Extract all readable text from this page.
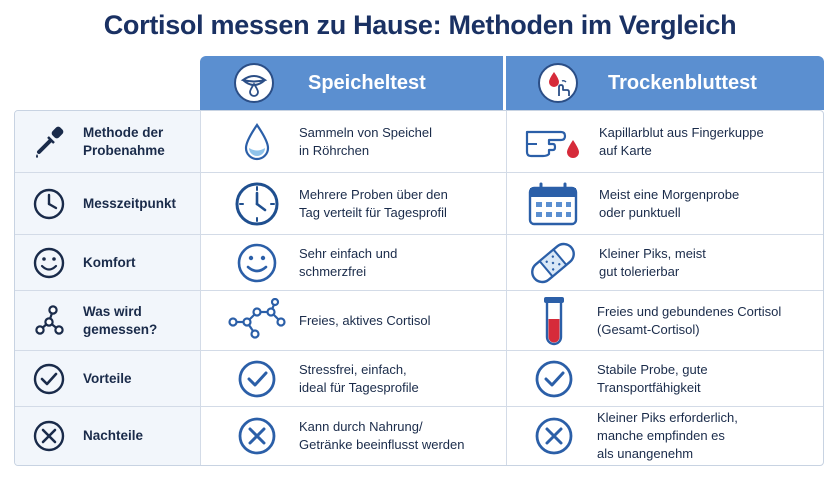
Cortisol messen zu Hause: Methoden im Vergleich
Speicheltest	Trockenbluttest
Methode der
Probenahme
Sammeln von Speichel
in Röhrchen
Kapillarblut aus Fingerkuppe
auf Karte
Messzeitpunkt
Mehrere Proben über den
Tag verteilt für Tagesprofil
Meist eine Morgenprobe
oder punktuell
Komfort
Sehr einfach und
schmerzfrei
Kleiner Piks, meist
gut tolerierbar
Was wird
gemessen?
Freies, aktives Cortisol
Freies und gebundenes Cortisol
(Gesamt-Cortisol)
Vorteile
Stressfrei, einfach,
ideal für Tagesprofile
Stabile Probe, gute
Transportfähigkeit
Nachteile
Kann durch Nahrung/
Getränke beeinflusst werden
Kleiner Piks erforderlich,
manche empfinden es
als unangenehm
